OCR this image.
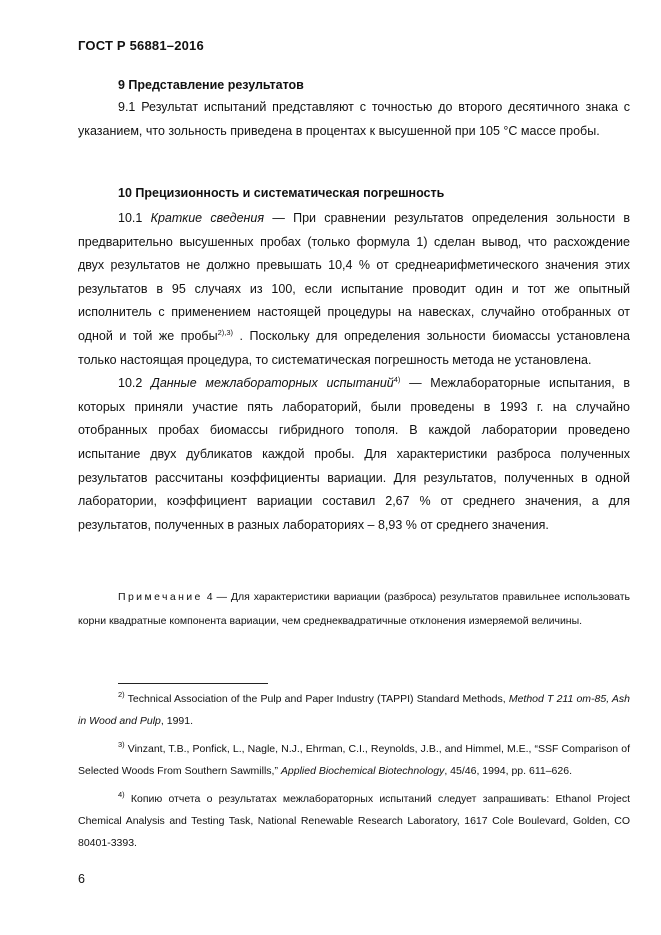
ГОСТ Р 56881–2016
9 Представление результатов

9.1 Результат испытаний представляют с точностью до второго десятичного знака с указанием, что зольность приведена в процентах к высушенной при 105 °С массе пробы.

10 Прецизионность и систематическая погрешность

10.1 Краткие сведения — При сравнении результатов определения зольности в предварительно высушенных пробах (только формула 1) сделан вывод, что расхождение двух результатов не должно превышать 10,4 % от среднеарифметического значения этих результатов в 95 случаях из 100, если испытание проводит один и тот же опытный исполнитель с применением настоящей процедуры на навесках, случайно отобранных от одной и той же пробы$^{2),3)}$ . Поскольку для определения зольности биомассы установлена только настоящая процедура, то систематическая погрешность метода не установлена.

10.2 Данные межлабораторных испытаний$^{4)}$ — Межлабораторные испытания, в которых приняли участие пять лабораторий, были проведены в 1993 г. на случайно отобранных пробах биомассы гибридного тополя. В каждой лаборатории проведено испытание двух дубликатов каждой пробы. Для характеристики разброса полученных результатов рассчитаны коэффициенты вариации. Для результатов, полученных в одной лаборатории, коэффициент вариации составил 2,67 % от среднего значения, а для результатов, полученных в разных лабораториях – 8,93 % от среднего значения.

Примечание 4 — Для характеристики вариации (разброса) результатов правильнее использовать корни квадратные компонента вариации, чем среднеквадратичные отклонения измеряемой величины.

$^{2)}$ Technical Association of the Pulp and Paper Industry (TAPPI) Standard Methods, Method T 211 om-85, Ash in Wood and Pulp, 1991.

$^{3)}$ Vinzant, T.B., Ponfick, L., Nagle, N.J., Ehrman, C.I., Reynolds, J.B., and Himmel, M.E., “SSF Comparison of Selected Woods From Southern Sawmills,” Applied Biochemical Biotechnology, 45/46, 1994, pp. 611–626.

$^{4)}$ Копию отчета о результатах межлабораторных испытаний следует запрашивать: Ethanol Project Chemical Analysis and Testing Task, National Renewable Research Laboratory, 1617 Cole Boulevard, Golden, CO 80401-3393.

6
